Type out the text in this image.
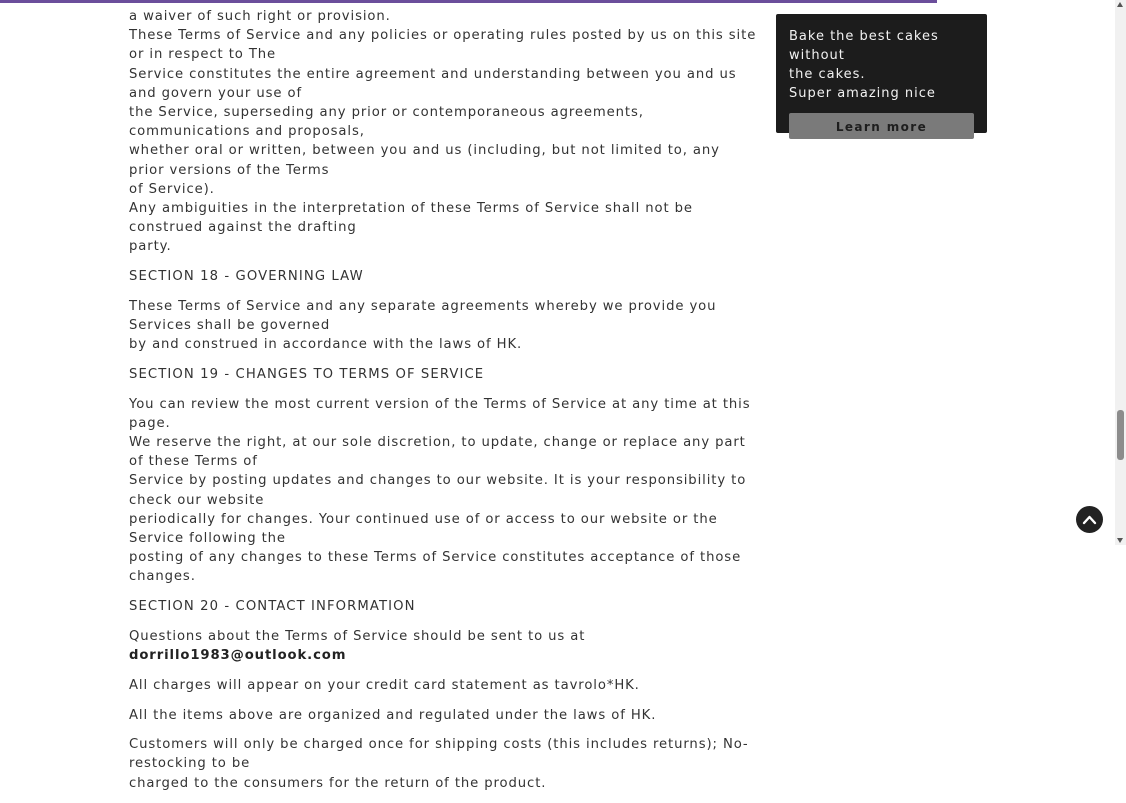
a waiver of such right or provision.
These Terms of Service and any policies or operating rules posted by us on this site or in respect to The
Service constitutes the entire agreement and understanding between you and us and govern your use of
the Service, superseding any prior or contemporaneous agreements, communications and proposals,
whether oral or written, between you and us (including, but not limited to, any prior versions of the Terms
of Service).
Any ambiguities in the interpretation of these Terms of Service shall not be construed against the drafting
party.

SECTION 18 - GOVERNING LAW

These Terms of Service and any separate agreements whereby we provide you Services shall be governed
by and construed in accordance with the laws of HK.

SECTION 19 - CHANGES TO TERMS OF SERVICE

You can review the most current version of the Terms of Service at any time at this page.
We reserve the right, at our sole discretion, to update, change or replace any part of these Terms of
Service by posting updates and changes to our website. It is your responsibility to check our website
periodically for changes. Your continued use of or access to our website or the Service following the
posting of any changes to these Terms of Service constitutes acceptance of those changes.

SECTION 20 - CONTACT INFORMATION

Questions about the Terms of Service should be sent to us at dorrillo1983@outlook.com

All charges will appear on your credit card statement as tavrolo*HK.

All the items above are organized and regulated under the laws of HK.

Customers will only be charged once for shipping costs (this includes returns); No-restocking to be
charged to the consumers for the return of the product.

Bake the best cakes without
the cakes.
Super amazing nice
Learn more
